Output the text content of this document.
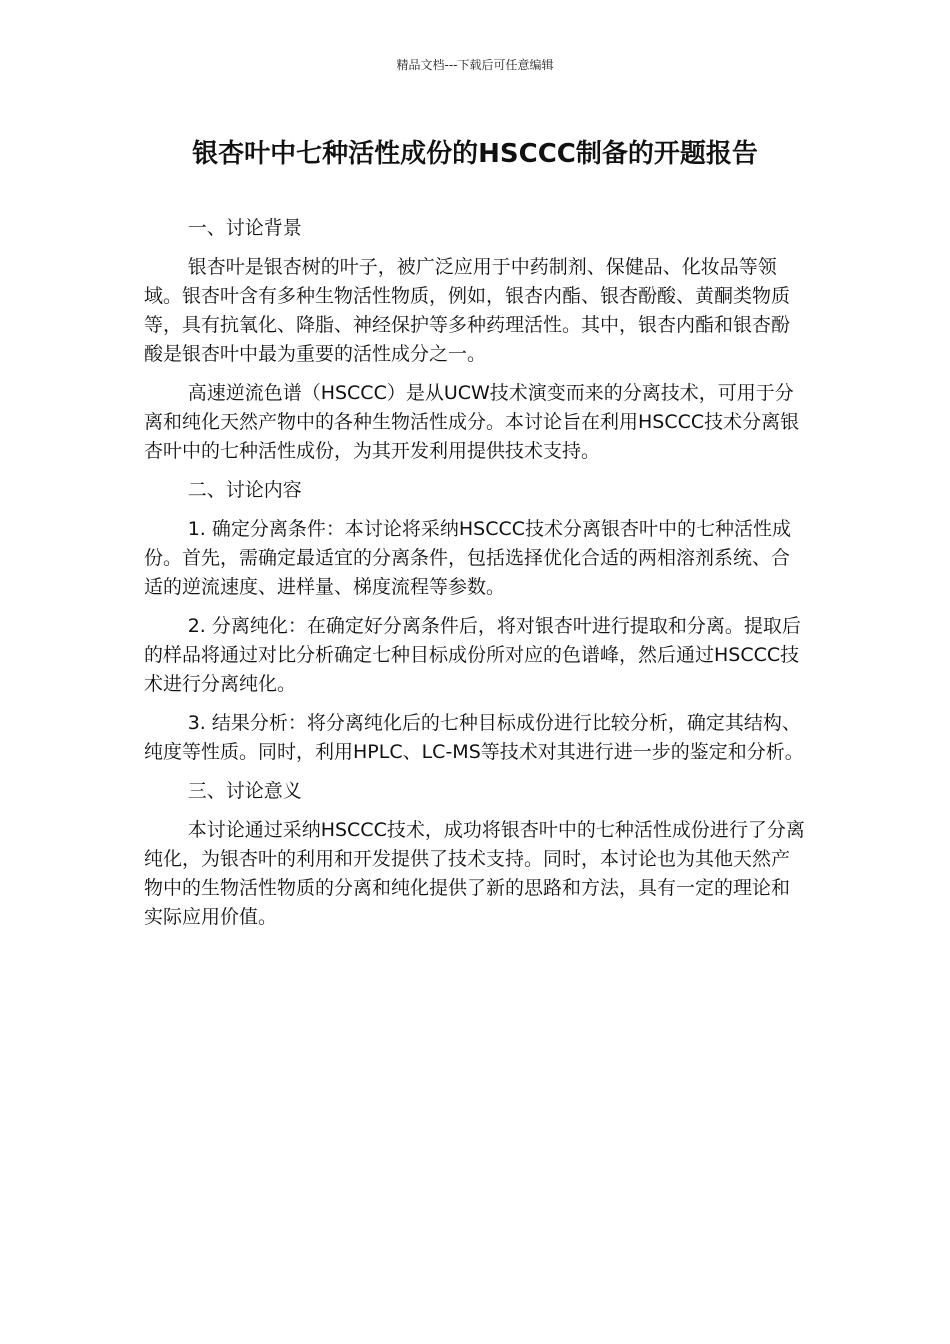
精品文档---下载后可任意编辑
银杏叶中七种活性成份的HSCCC制备的开题报告

一、讨论背景

银杏叶是银杏树的叶子，被广泛应用于中药制剂、保健品、化妆品等领域。银杏叶含有多种生物活性物质，例如，银杏内酯、银杏酚酸、黄酮类物质等，具有抗氧化、降脂、神经保护等多种药理活性。其中，银杏内酯和银杏酚酸是银杏叶中最为重要的活性成分之一。

高速逆流色谱（HSCCC）是从UCW技术演变而来的分离技术，可用于分离和纯化天然产物中的各种生物活性成分。本讨论旨在利用HSCCC技术分离银杏叶中的七种活性成份，为其开发利用提供技术支持。

二、讨论内容

1. 确定分离条件：本讨论将采纳HSCCC技术分离银杏叶中的七种活性成份。首先，需确定最适宜的分离条件，包括选择优化合适的两相溶剂系统、合适的逆流速度、进样量、梯度流程等参数。

2. 分离纯化：在确定好分离条件后，将对银杏叶进行提取和分离。提取后的样品将通过对比分析确定七种目标成份所对应的色谱峰，然后通过HSCCC技术进行分离纯化。

3. 结果分析：将分离纯化后的七种目标成份进行比较分析，确定其结构、纯度等性质。同时，利用HPLC、LC-MS等技术对其进行进一步的鉴定和分析。

三、讨论意义

本讨论通过采纳HSCCC技术，成功将银杏叶中的七种活性成份进行了分离纯化，为银杏叶的利用和开发提供了技术支持。同时，本讨论也为其他天然产物中的生物活性物质的分离和纯化提供了新的思路和方法，具有一定的理论和实际应用价值。
